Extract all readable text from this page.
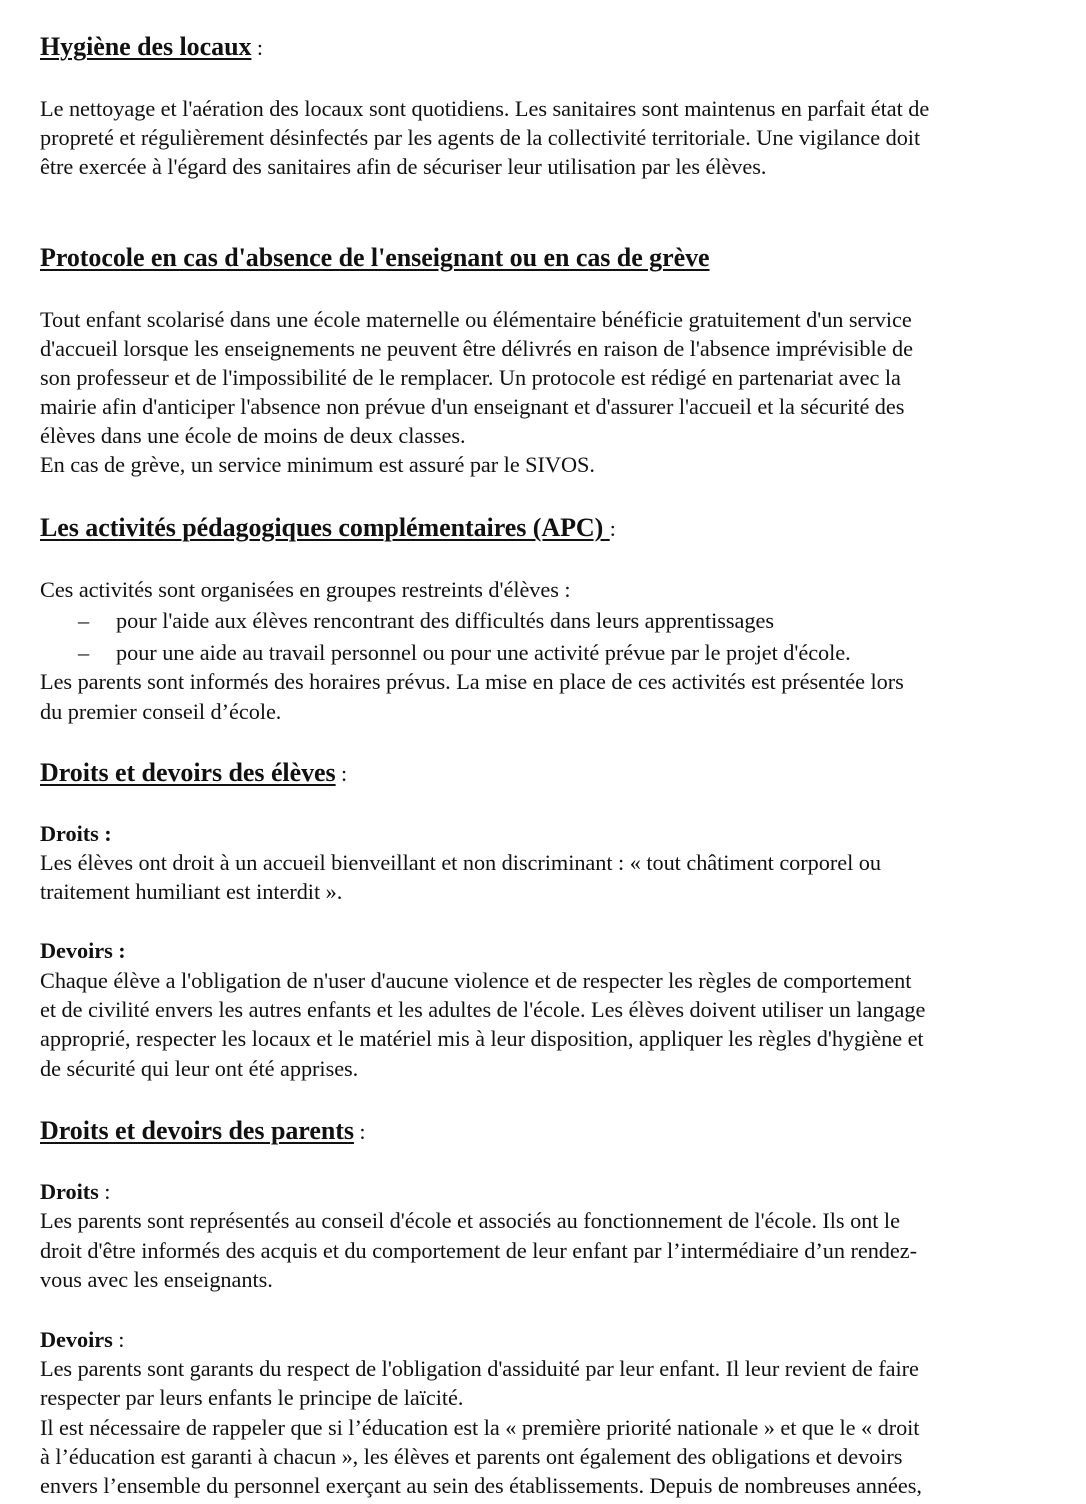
Hygiène des locaux :
Le nettoyage et l'aération des locaux sont quotidiens. Les sanitaires sont maintenus en parfait état de
propreté et régulièrement désinfectés par les agents de la collectivité territoriale. Une vigilance doit
être exercée à l'égard des sanitaires afin de sécuriser leur utilisation par les élèves.
Protocole en cas d'absence de l'enseignant ou en cas de grève
Tout enfant scolarisé dans une école maternelle ou élémentaire bénéficie gratuitement d'un service
d'accueil lorsque les enseignements ne peuvent être délivrés en raison de l'absence imprévisible de
son professeur et de l'impossibilité de le remplacer. Un protocole est rédigé en partenariat avec la
mairie afin d'anticiper l'absence non prévue d'un enseignant et d'assurer l'accueil et la sécurité des
élèves dans une école de moins de deux classes.
En cas de grève, un service minimum est assuré par le SIVOS.
Les activités pédagogiques complémentaires (APC) :
Ces activités sont organisées en groupes restreints d'élèves :
– pour l'aide aux élèves rencontrant des difficultés dans leurs apprentissages
– pour une aide au travail personnel ou pour une activité prévue par le projet d'école.
Les parents sont informés des horaires prévus. La mise en place de ces activités est présentée lors
du premier conseil d’école.
Droits et devoirs des élèves :
Droits :
Les élèves ont droit à un accueil bienveillant et non discriminant : « tout châtiment corporel ou
traitement humiliant est interdit ».
Devoirs :
Chaque élève a l'obligation de n'user d'aucune violence et de respecter les règles de comportement
et de civilité envers les autres enfants et les adultes de l'école. Les élèves doivent utiliser un langage
approprié, respecter les locaux et le matériel mis à leur disposition, appliquer les règles d'hygiène et
de sécurité qui leur ont été apprises.
Droits et devoirs des parents :
Droits :
Les parents sont représentés au conseil d'école et associés au fonctionnement de l'école. Ils ont le
droit d'être informés des acquis et du comportement de leur enfant par l’intermédiaire d’un rendez-
vous avec les enseignants.
Devoirs :
Les parents sont garants du respect de l'obligation d'assiduité par leur enfant. Il leur revient de faire
respecter par leurs enfants le principe de laïcité.
Il est nécessaire de rappeler que si l’éducation est la « première priorité nationale » et que le « droit
à l’éducation est garanti à chacun », les élèves et parents ont également des obligations et devoirs
envers l’ensemble du personnel exerçant au sein des établissements. Depuis de nombreuses années,
